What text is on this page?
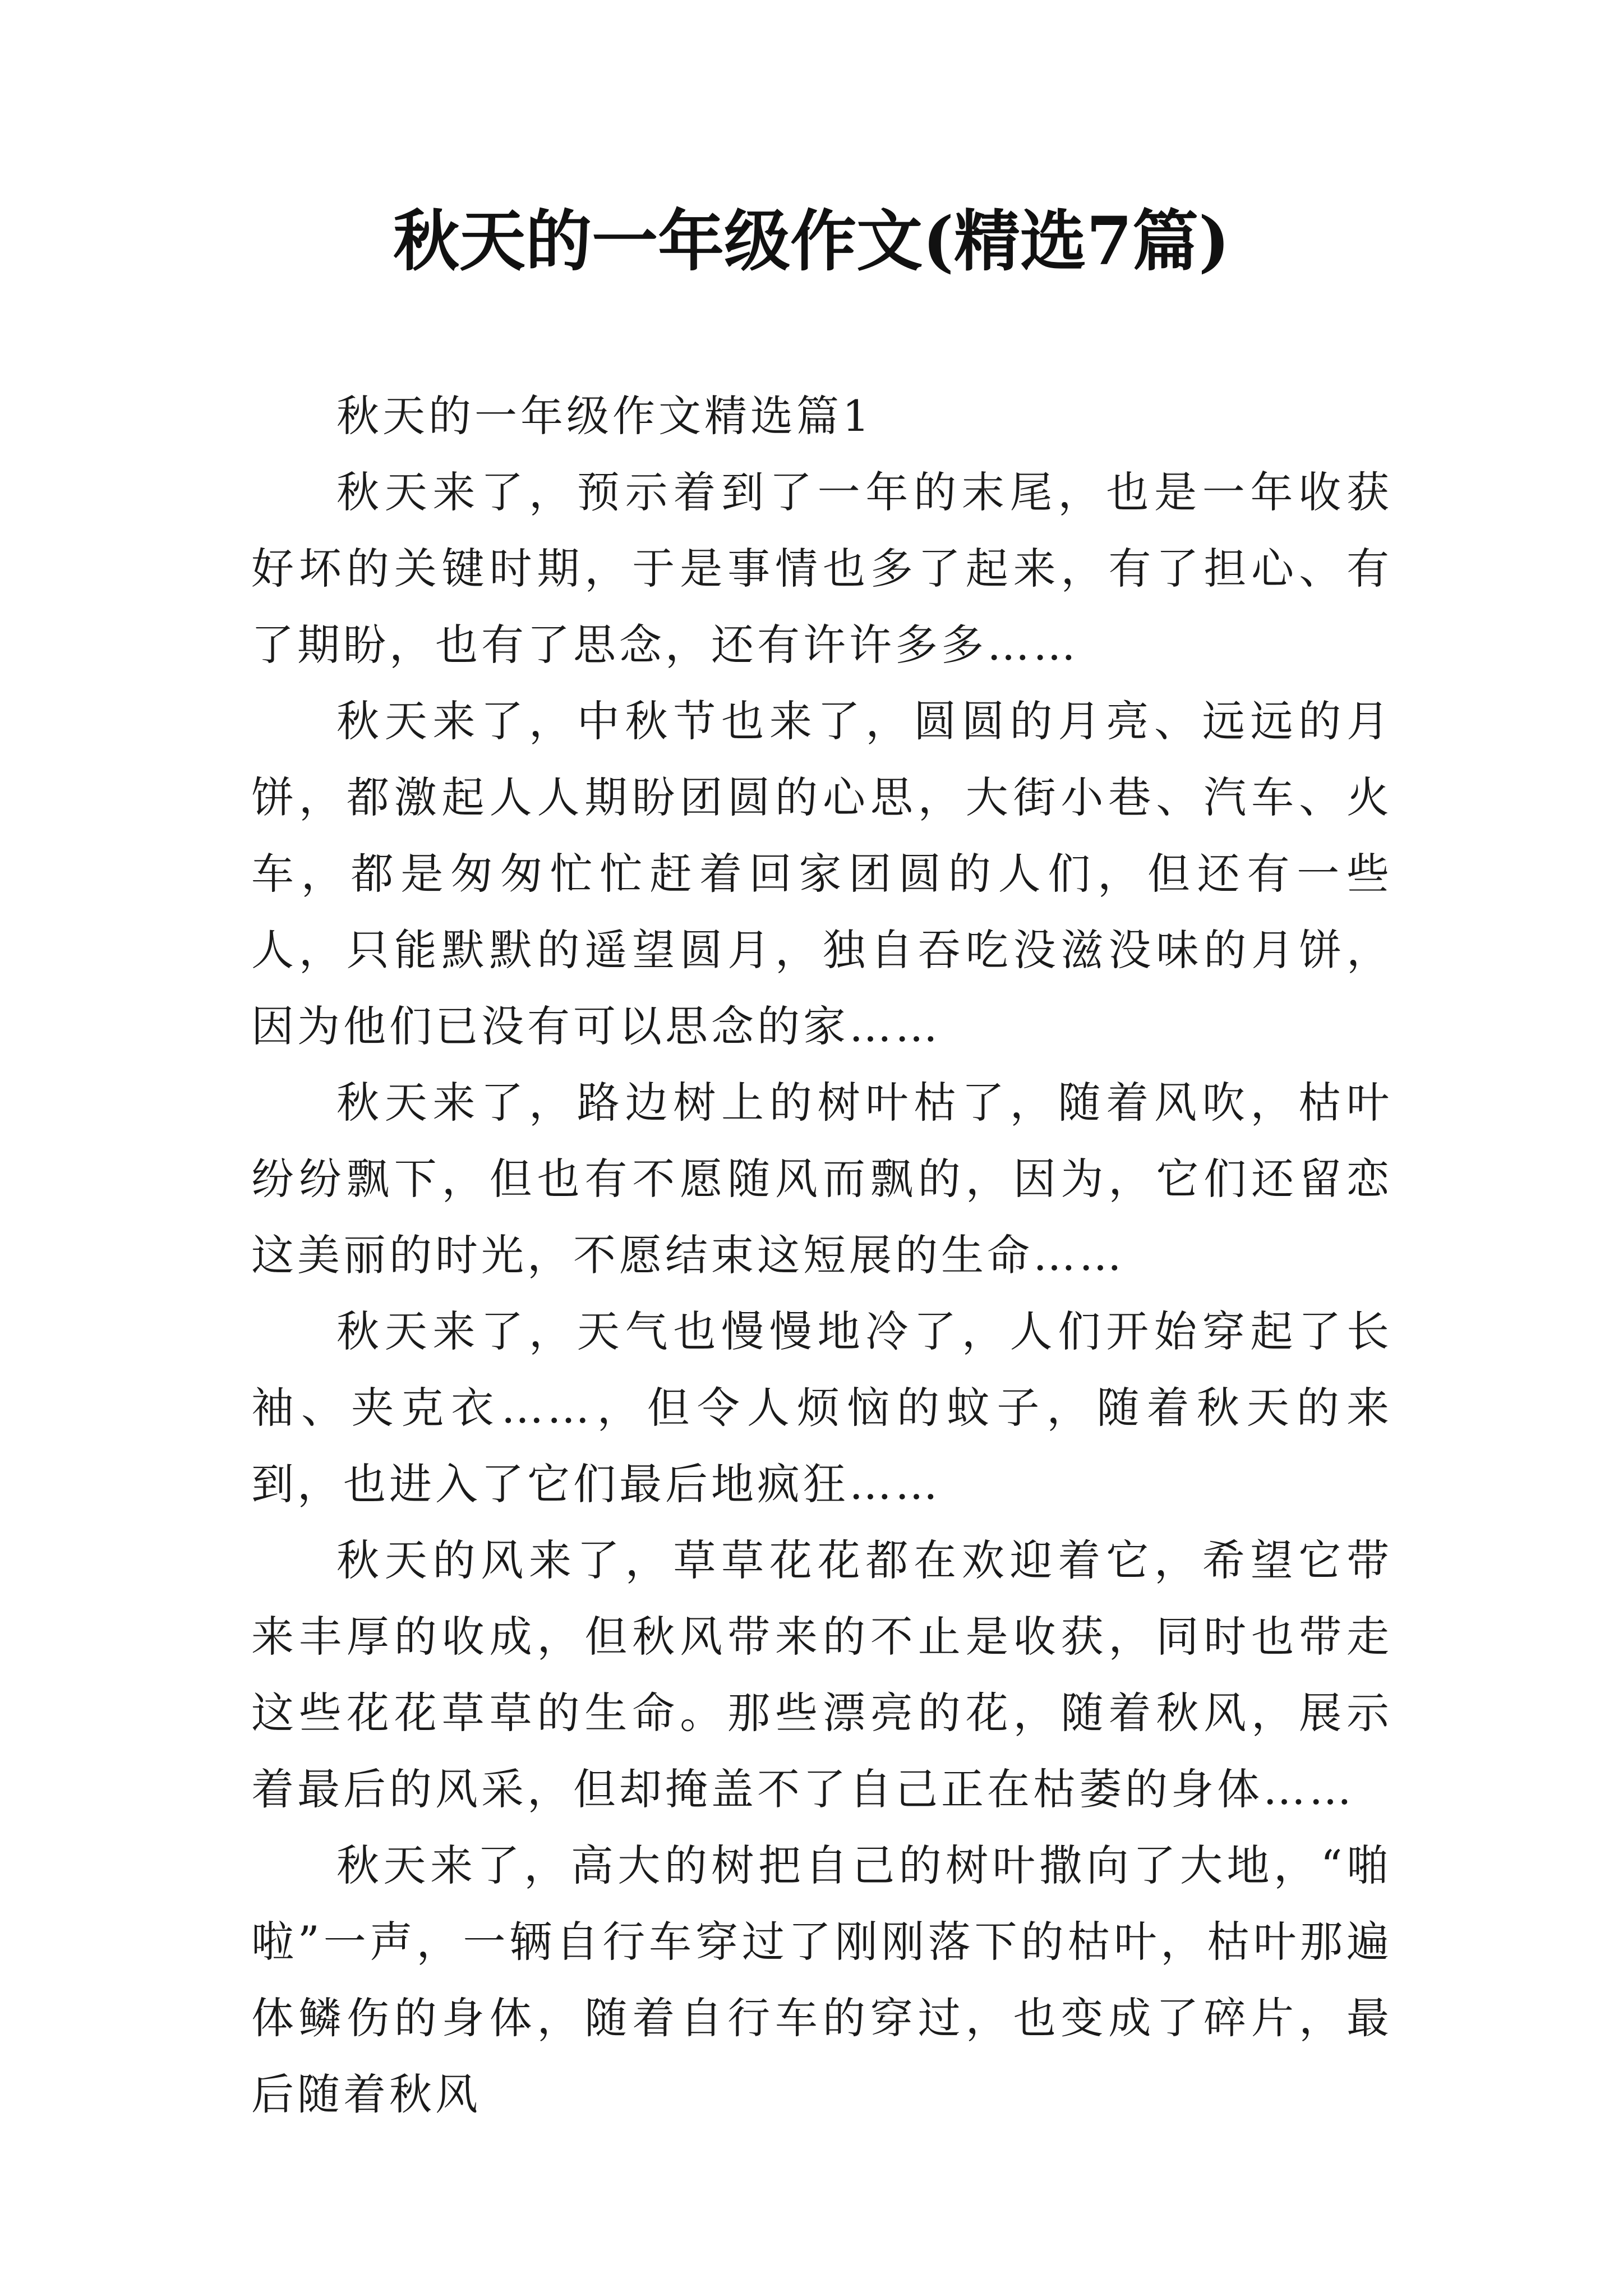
秋天的一年级作文(精选7篇)

秋天的一年级作文精选篇1

秋天来了，预示着到了一年的末尾，也是一年收获好坏的关键时期，于是事情也多了起来，有了担心、有了期盼，也有了思念，还有许许多多……

秋天来了，中秋节也来了，圆圆的月亮、远远的月饼，都激起人人期盼团圆的心思，大街小巷、汽车、火车，都是匆匆忙忙赶着回家团圆的人们，但还有一些人，只能默默的遥望圆月，独自吞吃没滋没味的月饼，因为他们已没有可以思念的家……

秋天来了，路边树上的树叶枯了，随着风吹，枯叶纷纷飘下，但也有不愿随风而飘的，因为，它们还留恋这美丽的时光，不愿结束这短展的生命……

秋天来了，天气也慢慢地冷了，人们开始穿起了长袖、夹克衣……，但令人烦恼的蚊子，随着秋天的来到，也进入了它们最后地疯狂……

秋天的风来了，草草花花都在欢迎着它，希望它带来丰厚的收成，但秋风带来的不止是收获，同时也带走这些花花草草的生命。那些漂亮的花，随着秋风，展示着最后的风采，但却掩盖不了自己正在枯萎的身体……

秋天来了，高大的树把自己的树叶撒向了大地，“啪啦”一声，一辆自行车穿过了刚刚落下的枯叶，枯叶那遍体鳞伤的身体，随着自行车的穿过，也变成了碎片，最后随着秋风
